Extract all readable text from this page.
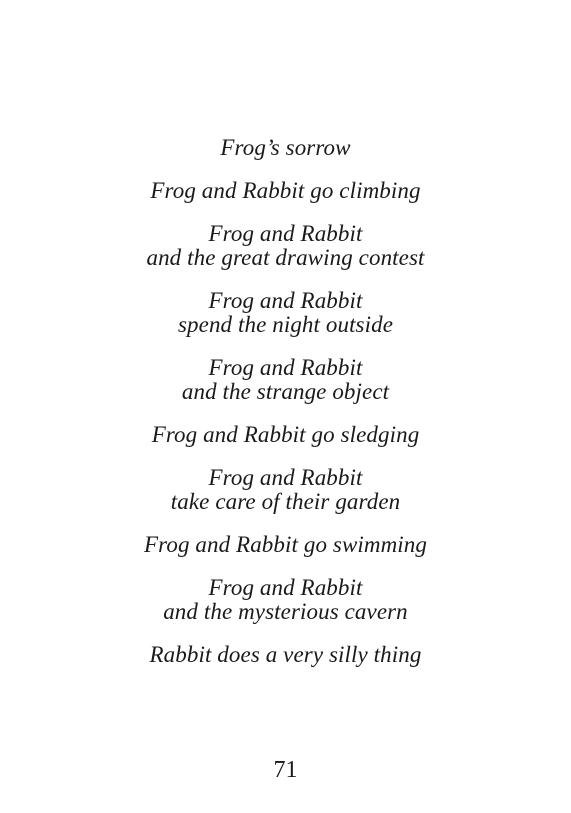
Frog’s sorrow
Frog and Rabbit go climbing
Frog and Rabbit
and the great drawing contest
Frog and Rabbit
spend the night outside
Frog and Rabbit
and the strange object
Frog and Rabbit go sledging
Frog and Rabbit
take care of their garden
Frog and Rabbit go swimming
Frog and Rabbit
and the mysterious cavern
Rabbit does a very silly thing
71
